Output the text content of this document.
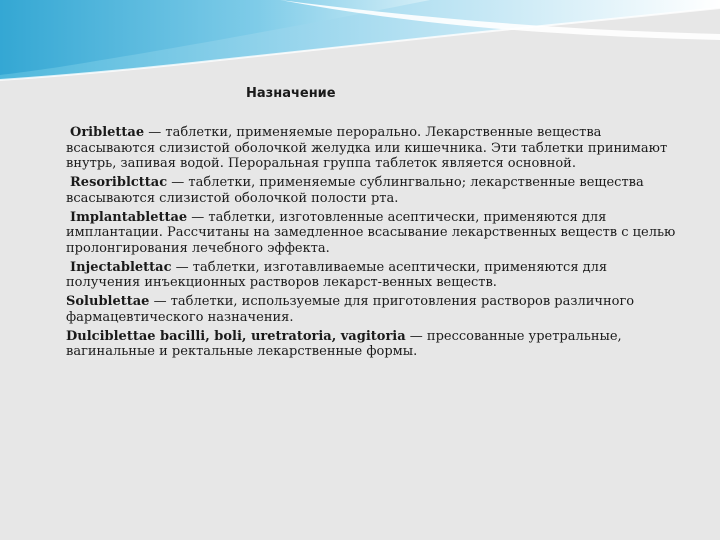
Назначение

Oriblettae — таблетки, применяемые перорально. Лекарственные вещества всасываются слизистой оболочкой желудка или кишечника. Эти таблетки принимают внутрь, запивая водой. Пероральная группа таблеток является основной.

Resoriblcttac — таблетки, применяемые сублингвально; лекарственные вещества всасываются слизистой оболочкой полости рта.

Implantablettae — таблетки, изготовленные асептически, применяются для имплантации. Рассчитаны на замедленное всасывание лекарственных веществ с целью пролонгирования лечебного эффекта.

Injectablettac — таблетки, изготавливаемые асептически, применяются для получения инъекционных растворов лекарст-венных веществ.

Solublettae — таблетки, используемые для приготовления растворов различного фармацевтического назначения.

Dulciblettae bacilli, boli, uretratoria, vagitoria — прессованные уретральные, вагинальные и ректальные лекарственные формы.
